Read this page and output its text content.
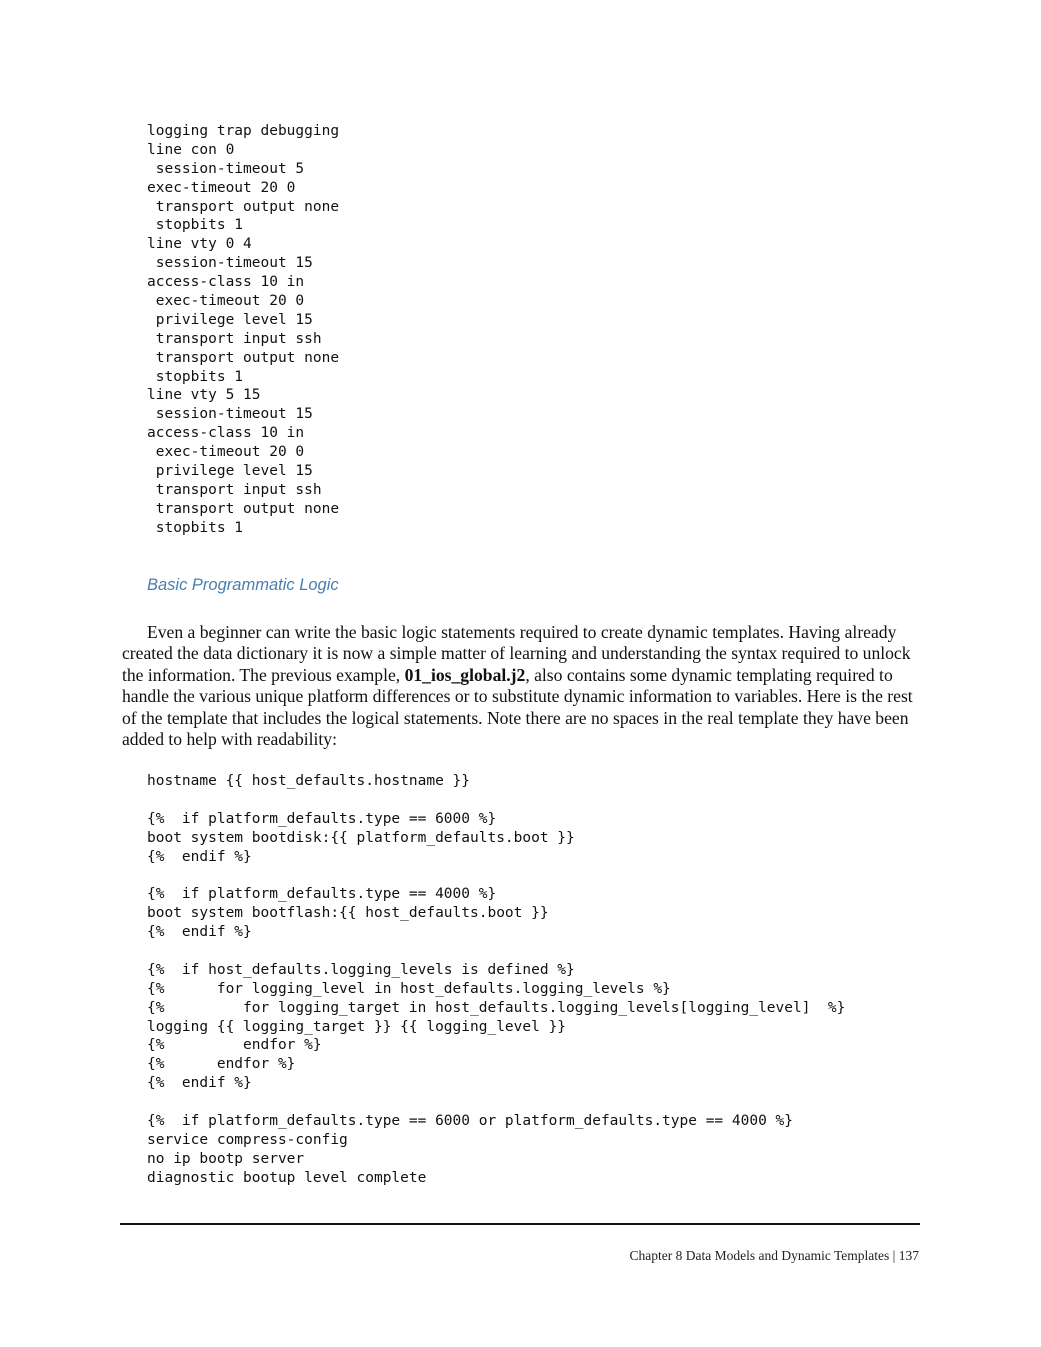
logging trap debugging
line con 0
session-timeout 5
exec-timeout 20 0
transport output none
stopbits 1
line vty 0 4
session-timeout 15
access-class 10 in
exec-timeout 20 0
privilege level 15
transport input ssh
transport output none
stopbits 1
line vty 5 15
session-timeout 15
access-class 10 in
exec-timeout 20 0
privilege level 15
transport input ssh
transport output none
stopbits 1

Basic Programmatic Logic

Even a beginner can write the basic logic statements required to create dynamic templates. Having already created the data dictionary it is now a simple matter of learning and understanding the syntax required to unlock the information. The previous example, 01_ios_global.j2, also contains some dynamic templating required to handle the various unique platform differences or to substitute dynamic information to variables. Here is the rest of the template that includes the logical statements. Note there are no spaces in the real template they have been added to help with readability:

hostname {{ host_defaults.hostname }}
{%  if platform_defaults.type == 6000 %}
boot system bootdisk:{{ platform_defaults.boot }}
{%  endif %}
{%  if platform_defaults.type == 4000 %}
boot system bootflash:{{ host_defaults.boot }}
{%  endif %}
{%  if host_defaults.logging_levels is defined %}
{%      for logging_level in host_defaults.logging_levels %}
{%         for logging_target in host_defaults.logging_levels[logging_level]  %}
logging {{ logging_target }} {{ logging_level }}
{%         endfor %}
{%      endfor %}
{%  endif %}
{%  if platform_defaults.type == 6000 or platform_defaults.type == 4000 %}
service compress-config
no ip bootp server
diagnostic bootup level complete

Chapter 8 Data Models and Dynamic Templates | 137
